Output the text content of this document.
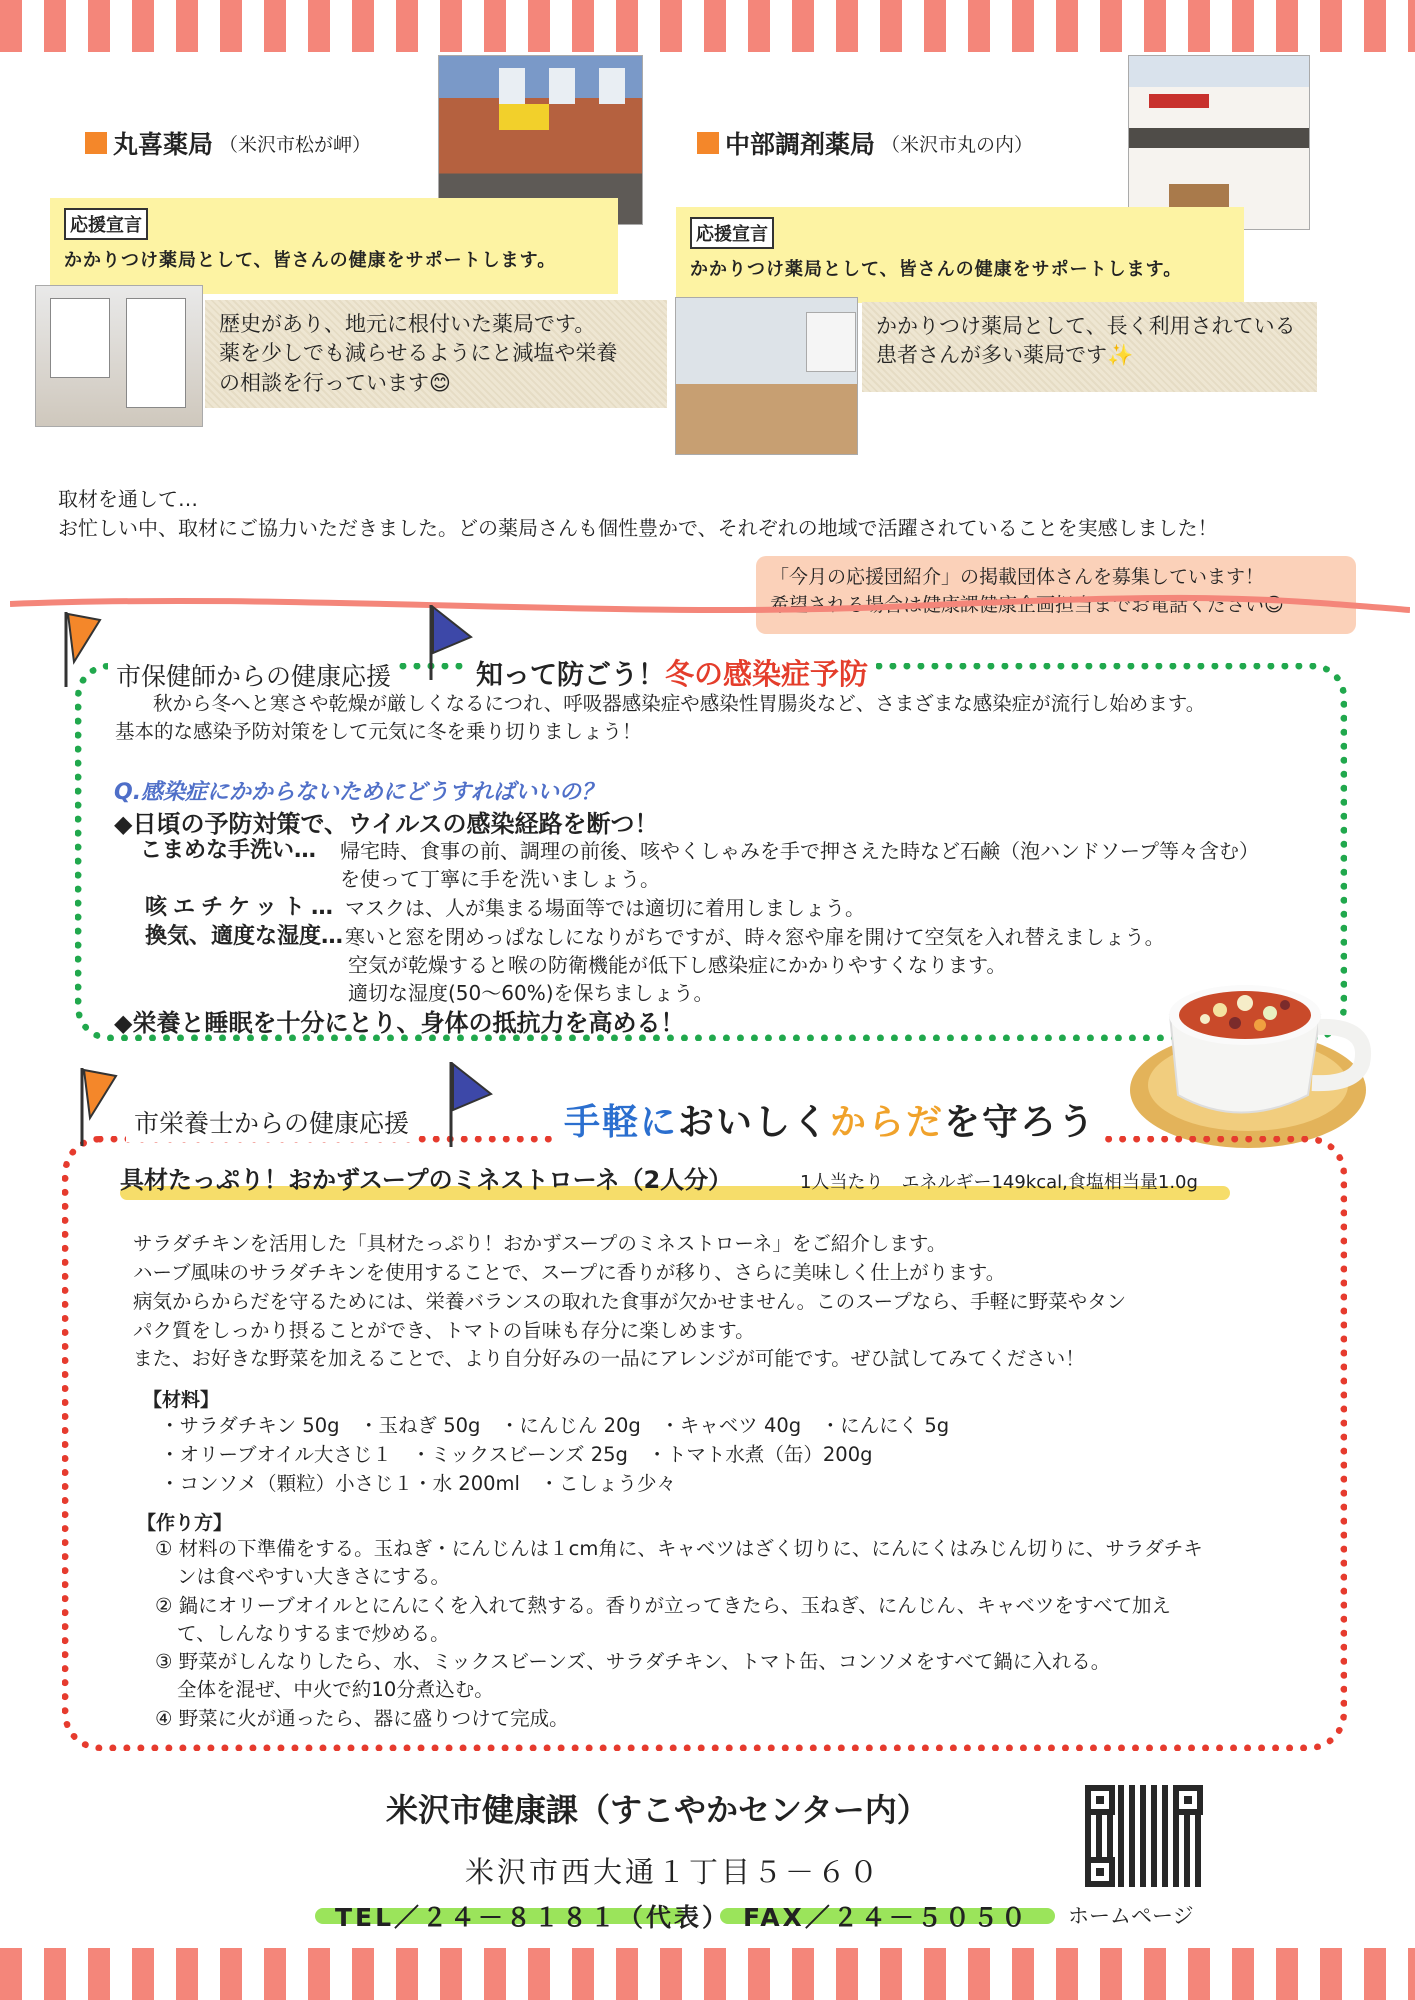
丸喜薬局 （米沢市松が岬）
応援宣言
かかりつけ薬局として、皆さんの健康をサポートします。
歴史があり、地元に根付いた薬局です。
薬を少しでも減らせるようにと減塩や栄養
の相談を行っています😊
中部調剤薬局 （米沢市丸の内）
応援宣言
かかりつけ薬局として、皆さんの健康をサポートします。
かかりつけ薬局として、長く利用されている
患者さんが多い薬局です✨
取材を通して…
お忙しい中、取材にご協力いただきました。どの薬局さんも個性豊かで、それぞれの地域で活躍されていることを実感しました！
「今月の応援団紹介」の掲載団体さんを募集しています！
希望される場合は健康課健康企画担当までお電話ください😊
市保健師からの健康応援	知って防ごう！冬の感染症予防
秋から冬へと寒さや乾燥が厳しくなるにつれ、呼吸器感染症や感染性胃腸炎など、さまざまな感染症が流行し始めます。
基本的な感染予防対策をして元気に冬を乗り切りましょう！
Q.感染症にかからないためにどうすればいいの？
◆日頃の予防対策で、ウイルスの感染経路を断つ！
こまめな手洗い… 帰宅時、食事の前、調理の前後、咳やくしゃみを手で押さえた時など石鹸（泡ハンドソープ等々含む）
を使って丁寧に手を洗いましょう。
咳エチケット… マスクは、人が集まる場面等では適切に着用しましょう。
換気、適度な湿度… 寒いと窓を閉めっぱなしになりがちですが、時々窓や扉を開けて空気を入れ替えましょう。
空気が乾燥すると喉の防衛機能が低下し感染症にかかりやすくなります。
適切な湿度(50～60%)を保ちましょう。
◆栄養と睡眠を十分にとり、身体の抵抗力を高める！
市栄養士からの健康応援	手軽においしくからだを守ろう
具材たっぷり！おかずスープのミネストローネ（2人分）	1人当たり　エネルギー149kcal,食塩相当量1.0g
サラダチキンを活用した「具材たっぷり！おかずスープのミネストローネ」をご紹介します。
ハーブ風味のサラダチキンを使用することで、スープに香りが移り、さらに美味しく仕上がります。
病気からからだを守るためには、栄養バランスの取れた食事が欠かせません。このスープなら、手軽に野菜やタン
パク質をしっかり摂ることができ、トマトの旨味も存分に楽しめます。
また、お好きな野菜を加えることで、より自分好みの一品にアレンジが可能です。ぜひ試してみてください！
【材料】
・サラダチキン 50g　・玉ねぎ 50g　・にんじん 20g　・キャベツ 40g　・にんにく 5g
・オリーブオイル大さじ１　・ミックスビーンズ 25g　・トマト水煮（缶）200g
・コンソメ（顆粒）小さじ１・水 200ml　・こしょう少々
【作り方】
① 材料の下準備をする。玉ねぎ・にんじんは１cm角に、キャベツはざく切りに、にんにくはみじん切りに、サラダチキ
ンは食べやすい大きさにする。
② 鍋にオリーブオイルとにんにくを入れて熱する。香りが立ってきたら、玉ねぎ、にんじん、キャベツをすべて加え
て、しんなりするまで炒める。
③ 野菜がしんなりしたら、水、ミックスビーンズ、サラダチキン、トマト缶、コンソメをすべて鍋に入れる。
全体を混ぜ、中火で約10分煮込む。
④ 野菜に火が通ったら、器に盛りつけて完成。
米沢市健康課（すこやかセンター内）
米沢市西大通１丁目５－６０
TEL／２４－８１８１（代表） FAX／２４－５０５０ ホームページ
